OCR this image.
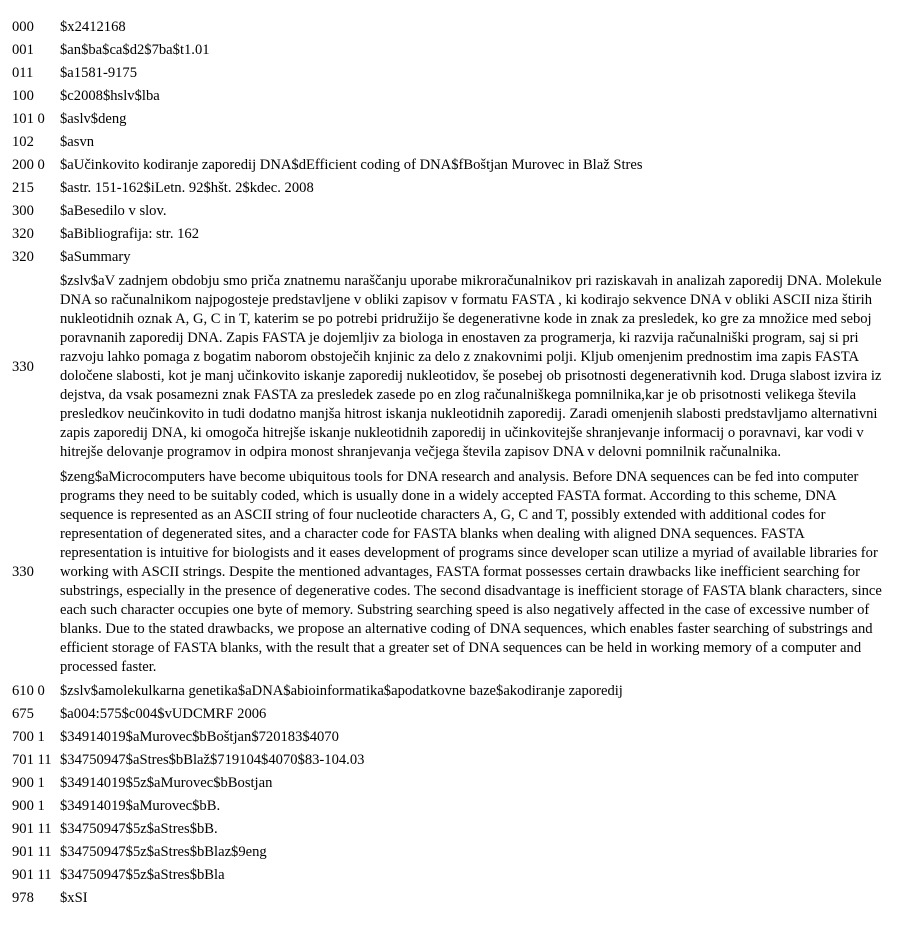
000	$x2412168
001	$an$ba$ca$d2$7ba$t1.01
011	$a1581-9175
100	$c2008$hslv$lba
101 0	$aslv$deng
102	$asvn
200 0	$aUčinkovito kodiranje zaporedij DNA$dEfficient coding of DNA$fBoštjan Murovec in Blaž Stres
215	$astr. 151-162$iLetn. 92$hšt. 2$kdec. 2008
300	$aBesedilo v slov.
320	$aBibliografija: str. 162
320	$aSummary
330
$zslv$aV zadnjem obdobju smo priča znatnemu naraščanju uporabe mikroračunalnikov pri raziskavah in analizah zaporedij DNA. Molekule DNA so računalnikom najpogosteje predstavljene v obliki zapisov v formatu FASTA , ki kodirajo sekvence DNA v obliki ASCII niza štirih nukleotidnih oznak A, G, C in T, katerim se po potrebi pridružijo še degenerativne kode in znak za presledek, ko gre za množice med seboj poravnanih zaporedij DNA. Zapis FASTA je dojemljiv za biologa in enostaven za programerja, ki razvija računalniški program, saj si pri razvoju lahko pomaga z bogatim naborom obstoječih knjinic za delo z znakovnimi polji. Kljub omenjenim prednostim ima zapis FASTA določene slabosti, kot je manj učinkovito iskanje zaporedij nukleotidov, še posebej ob prisotnosti degenerativnih kod. Druga slabost izvira iz dejstva, da vsak posamezni znak FASTA za presledek zasede po en zlog računalniškega pomnilnika,kar je ob prisotnosti velikega števila presledkov neučinkovito in tudi dodatno manjša hitrost iskanja nukleotidnih zaporedij. Zaradi omenjenih slabosti predstavljamo alternativni zapis zaporedij DNA, ki omogoča hitrejše iskanje nukleotidnih zaporedij in učinkovitejše shranjevanje informacij o poravnavi, kar vodi v hitrejše delovanje programov in odpira monost shranjevanja večjega števila zapisov DNA v delovni pomnilnik računalnika.
330
$zeng$aMicrocomputers have become ubiquitous tools for DNA research and analysis. Before DNA sequences can be fed into computer programs they need to be suitably coded, which is usually done in a widely accepted FASTA format. According to this scheme, DNA sequence is represented as an ASCII string of four nucleotide characters A, G, C and T, possibly extended with additional codes for representation of degenerated sites, and a character code for FASTA blanks when dealing with aligned DNA sequences. FASTA representation is intuitive for biologists and it eases development of programs since developer scan utilize a myriad of available libraries for working with ASCII strings. Despite the mentioned advantages, FASTA format possesses certain drawbacks like inefficient searching for substrings, especially in the presence of degenerative codes. The second disadvantage is inefficient storage of FASTA blank characters, since each such character occupies one byte of memory. Substring searching speed is also negatively affected in the case of excessive number of blanks. Due to the stated drawbacks, we propose an alternative coding of DNA sequences, which enables faster searching of substrings and efficient storage of FASTA blanks, with the result that a greater set of DNA sequences can be held in working memory of a computer and processed faster.
610 0	$zslv$amolekulkarna genetika$aDNA$abioinformatika$apodatkovne baze$akodiranje zaporedij
675	$a004:575$c004$vUDCMRF 2006
700 1	$34914019$aMurovec$bBoštjan$720183$4070
701 11 $34750947$aStres$bBlaž$719104$4070$83-104.03
900 1	$34914019$5z$aMurovec$bBostjan
900 1	$34914019$aMurovec$bB.
901 11 $34750947$5z$aStres$bB.
901 11 $34750947$5z$aStres$bBlaz$9eng
901 11 $34750947$5z$aStres$bBla
978	$xSI
